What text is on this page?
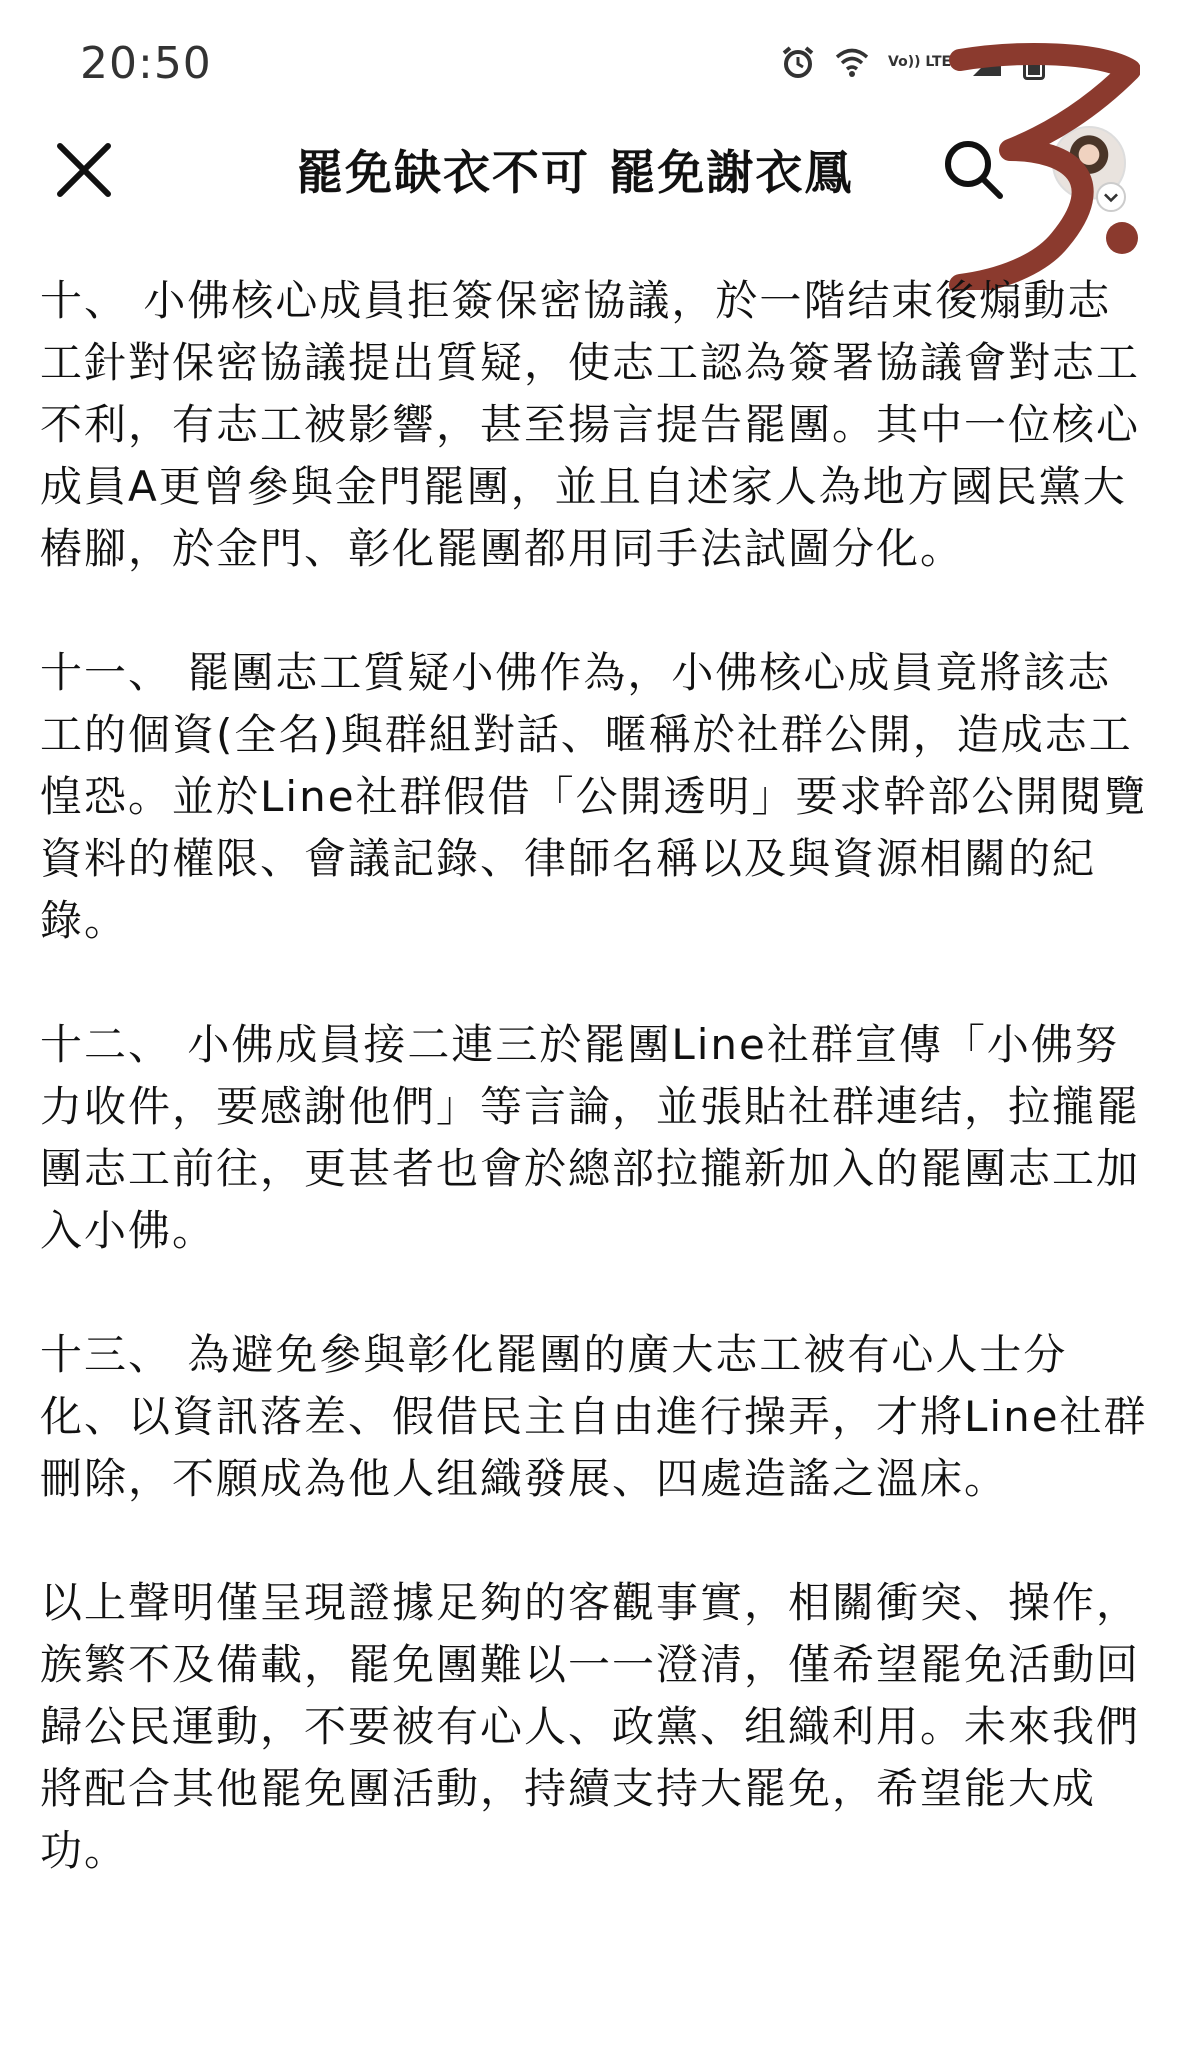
20:50	Vo)) LTE
罷免缺衣不可 罷免謝衣鳳

十、 小佛核心成員拒簽保密協議，於一階结束後煽動志工針對保密協議提出質疑，使志工認為簽署協議會對志工不利，有志工被影響，甚至揚言提告罷團。其中一位核心成員A更曾參與金門罷團，並且自述家人為地方國民黨大樁腳，於金門、彰化罷團都用同手法試圖分化。

十一、 罷團志工質疑小佛作為，小佛核心成員竟將該志工的個資(全名)與群組對話、暱稱於社群公開，造成志工惶恐。並於Line社群假借「公開透明」要求幹部公開閱覽資料的權限、會議記錄、律師名稱以及與資源相關的紀錄。

十二、 小佛成員接二連三於罷團Line社群宣傳「小佛努力收件，要感謝他們」等言論，並張貼社群連结，拉攏罷團志工前往，更甚者也會於總部拉攏新加入的罷團志工加入小佛。

十三、 為避免參與彰化罷團的廣大志工被有心人士分化、以資訊落差、假借民主自由進行操弄，才將Line社群刪除，不願成為他人组織發展、四處造謠之溫床。

以上聲明僅呈現證據足夠的客觀事實，相關衝突、操作，族繁不及備載，罷免團難以一一澄清，僅希望罷免活動回歸公民運動，不要被有心人、政黨、组織利用。未來我們將配合其他罷免團活動，持續支持大罷免，希望能大成功。
